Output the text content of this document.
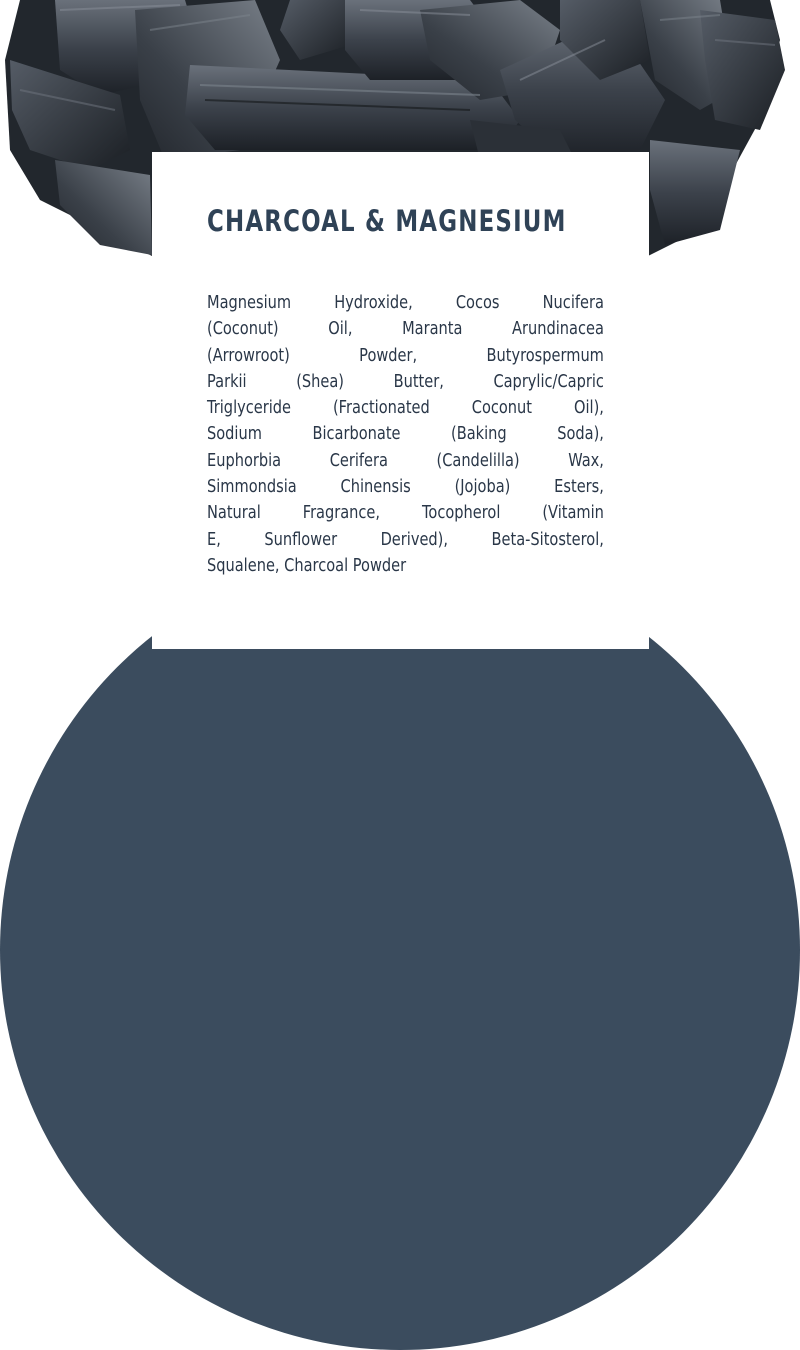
CHARCOAL & MAGNESIUM
Magnesium Hydroxide, Cocos Nucifera
(Coconut) Oil, Maranta Arundinacea
(Arrowroot) Powder, Butyrospermum
Parkii (Shea) Butter, Caprylic/Capric
Triglyceride (Fractionated Coconut Oil),
Sodium Bicarbonate (Baking Soda),
Euphorbia Cerifera (Candelilla) Wax,
Simmondsia Chinensis (Jojoba) Esters,
Natural Fragrance, Tocopherol (Vitamin
E, Sunflower Derived), Beta-Sitosterol,
Squalene, Charcoal Powder
